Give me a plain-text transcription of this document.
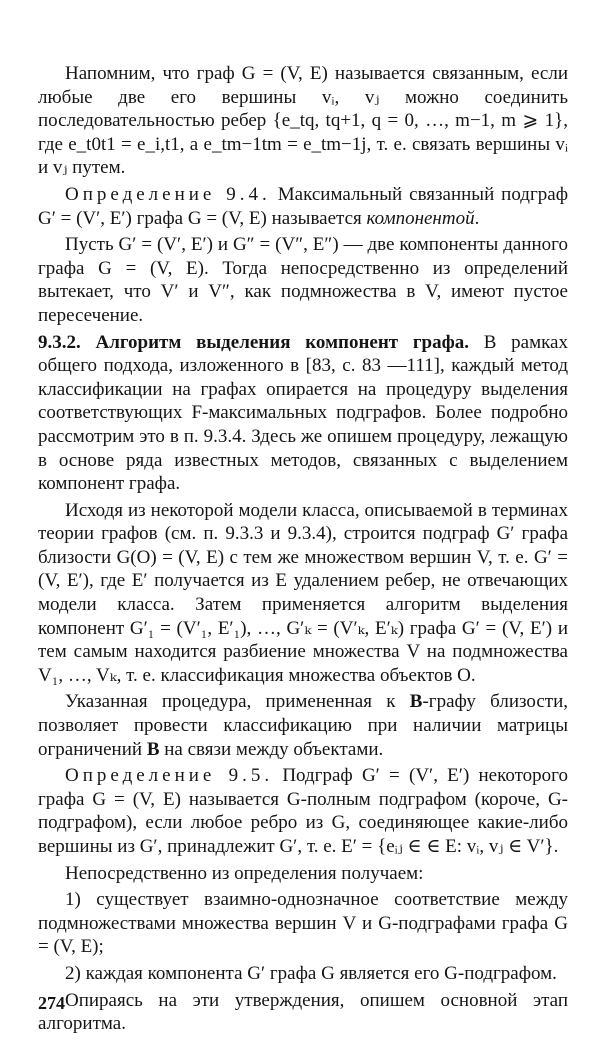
Напомним, что граф G = (V, E) называется связанным, если любые две его вершины vᵢ, vⱼ можно соединить последовательностью ребер {e_tq, tq+1, q = 0, …, m−1, m ⩾ 1}, где e_t0t1 = e_i,t1, а e_tm−1tm = e_tm−1j, т. е. связать вершины vᵢ и vⱼ путем.

Определение 9.4. Максимальный связанный подграф G′ = (V′, E′) графа G = (V, E) называется компонентой.

Пусть G′ = (V′, E′) и G″ = (V″, E″) — две компоненты данного графа G = (V, E). Тогда непосредственно из определений вытекает, что V′ и V″, как подмножества в V, имеют пустое пересечение.

9.3.2. Алгоритм выделения компонент графа. В рамках общего подхода, изложенного в [83, с. 83 —111], каждый метод классификации на графах опирается на процедуру выделения соответствующих F-максимальных подграфов. Более подробно рассмотрим это в п. 9.3.4. Здесь же опишем процедуру, лежащую в основе ряда известных методов, связанных с выделением компонент графа.

Исходя из некоторой модели класса, описываемой в терминах теории графов (см. п. 9.3.3 и 9.3.4), строится подграф G′ графа близости G(O) = (V, E) с тем же множеством вершин V, т. е. G′ = (V, E′), где E′ получается из E удалением ребер, не отвечающих модели класса. Затем применяется алгоритм выделения компонент G′₁ = (V′₁, E′₁), …, G′ₖ = (V′ₖ, E′ₖ) графа G′ = (V, E′) и тем самым находится разбиение множества V на подмножества V₁, …, Vₖ, т. е. классификация множества объектов O.

Указанная процедура, примененная к B-графу близости, позволяет провести классификацию при наличии матрицы ограничений B на связи между объектами.

Определение 9.5. Подграф G′ = (V′, E′) некоторого графа G = (V, E) называется G-полным подграфом (короче, G-подграфом), если любое ребро из G, соединяющее какие-либо вершины из G′, принадлежит G′, т. е. E′ = {eᵢⱼ ∈ ∈ E: vᵢ, vⱼ ∈ V′}.

Непосредственно из определения получаем:

1) существует взаимно-однозначное соответствие между подмножествами множества вершин V и G-подграфами графа G = (V, E);

2) каждая компонента G′ графа G является его G-подграфом.

Опираясь на эти утверждения, опишем основной этап алгоритма.

274
